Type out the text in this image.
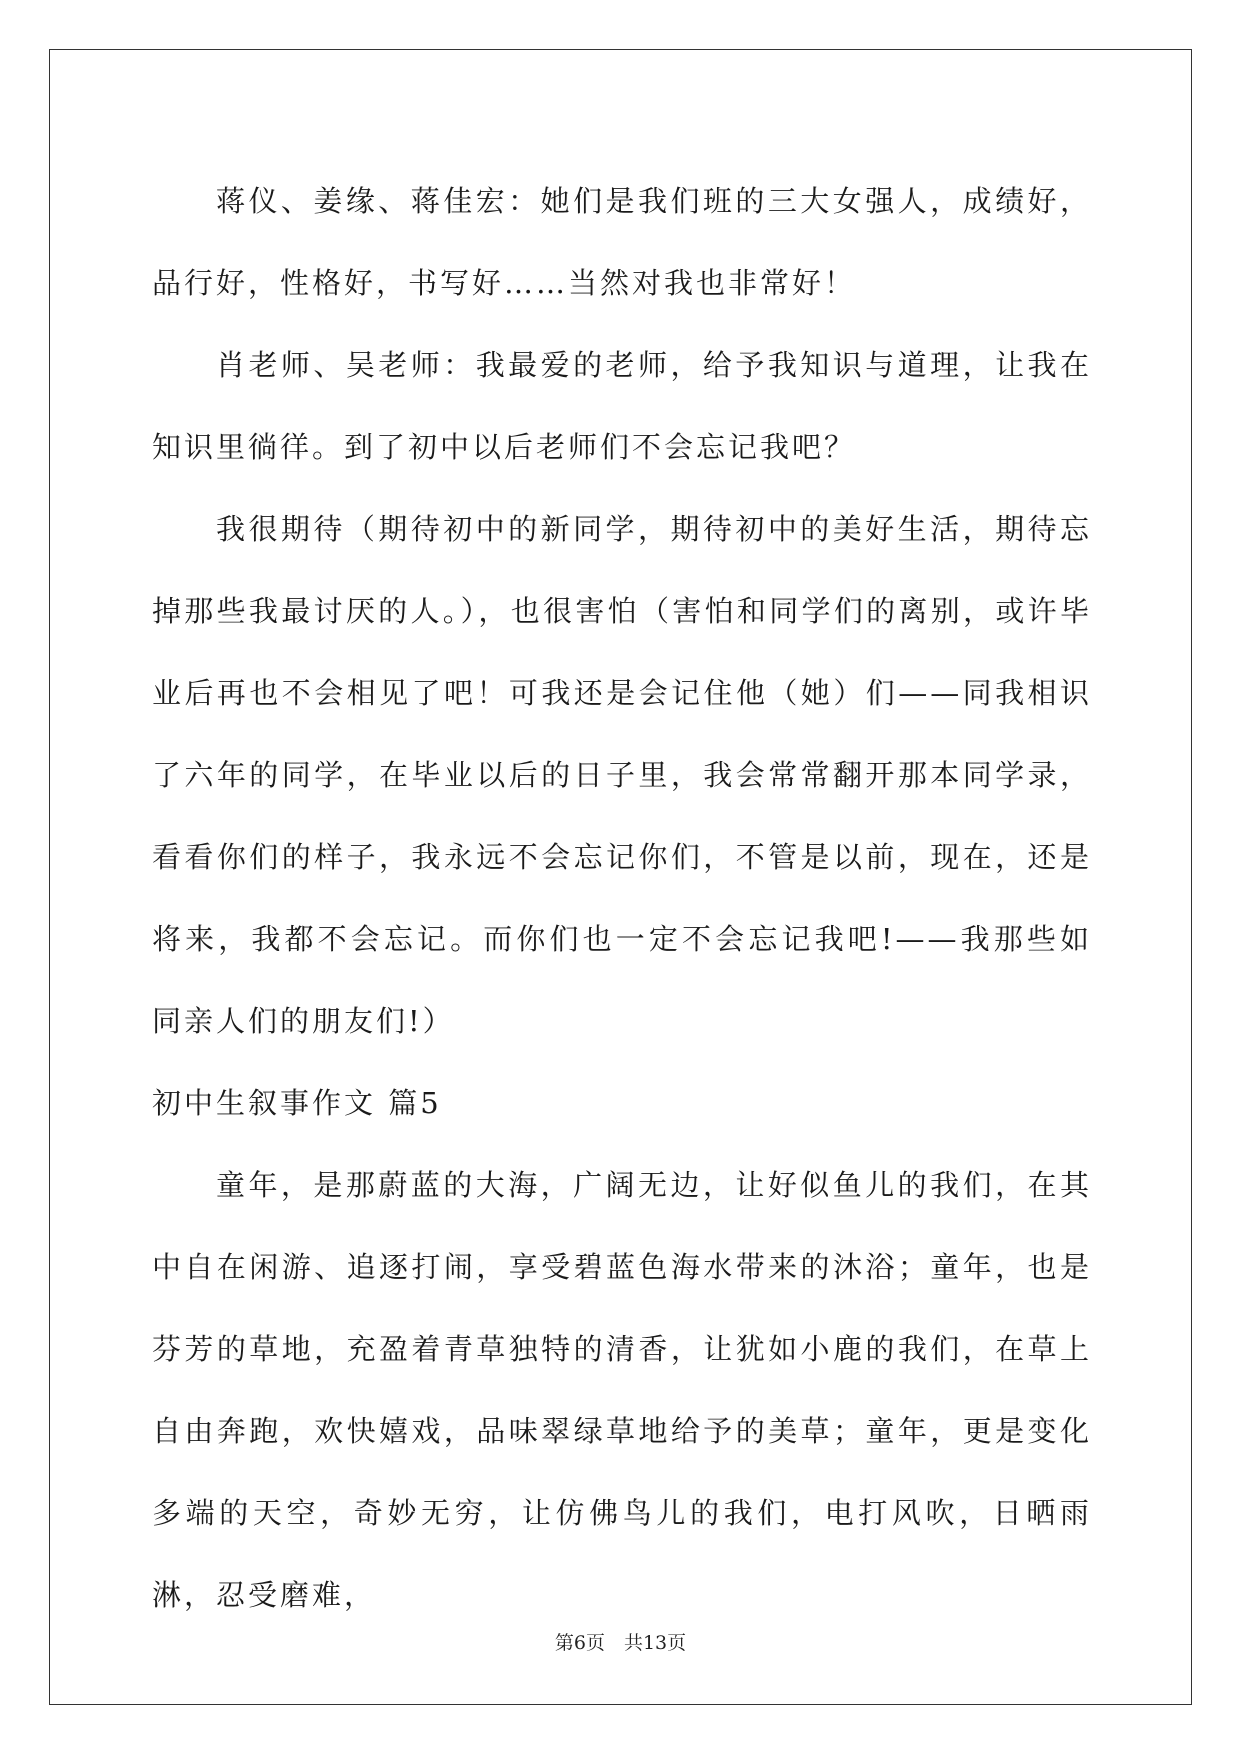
蒋仪、姜缘、蒋佳宏：她们是我们班的三大女强人，成绩好，品行好，性格好，书写好……当然对我也非常好！

肖老师、吴老师：我最爱的老师，给予我知识与道理，让我在知识里徜徉。到了初中以后老师们不会忘记我吧？

我很期待（期待初中的新同学，期待初中的美好生活，期待忘掉那些我最讨厌的人。），也很害怕（害怕和同学们的离别，或许毕业后再也不会相见了吧！可我还是会记住他（她）们——同我相识了六年的同学，在毕业以后的日子里，我会常常翻开那本同学录，看看你们的样子，我永远不会忘记你们，不管是以前，现在，还是将来，我都不会忘记。而你们也一定不会忘记我吧!——我那些如同亲人们的朋友们!）

初中生叙事作文 篇5

童年，是那蔚蓝的大海，广阔无边，让好似鱼儿的我们，在其中自在闲游、追逐打闹，享受碧蓝色海水带来的沐浴；童年，也是芬芳的草地，充盈着青草独特的清香，让犹如小鹿的我们，在草上自由奔跑，欢快嬉戏，品味翠绿草地给予的美草；童年，更是变化多端的天空，奇妙无穷，让仿佛鸟儿的我们，电打风吹，日晒雨淋，忍受磨难，

第6页　共13页
